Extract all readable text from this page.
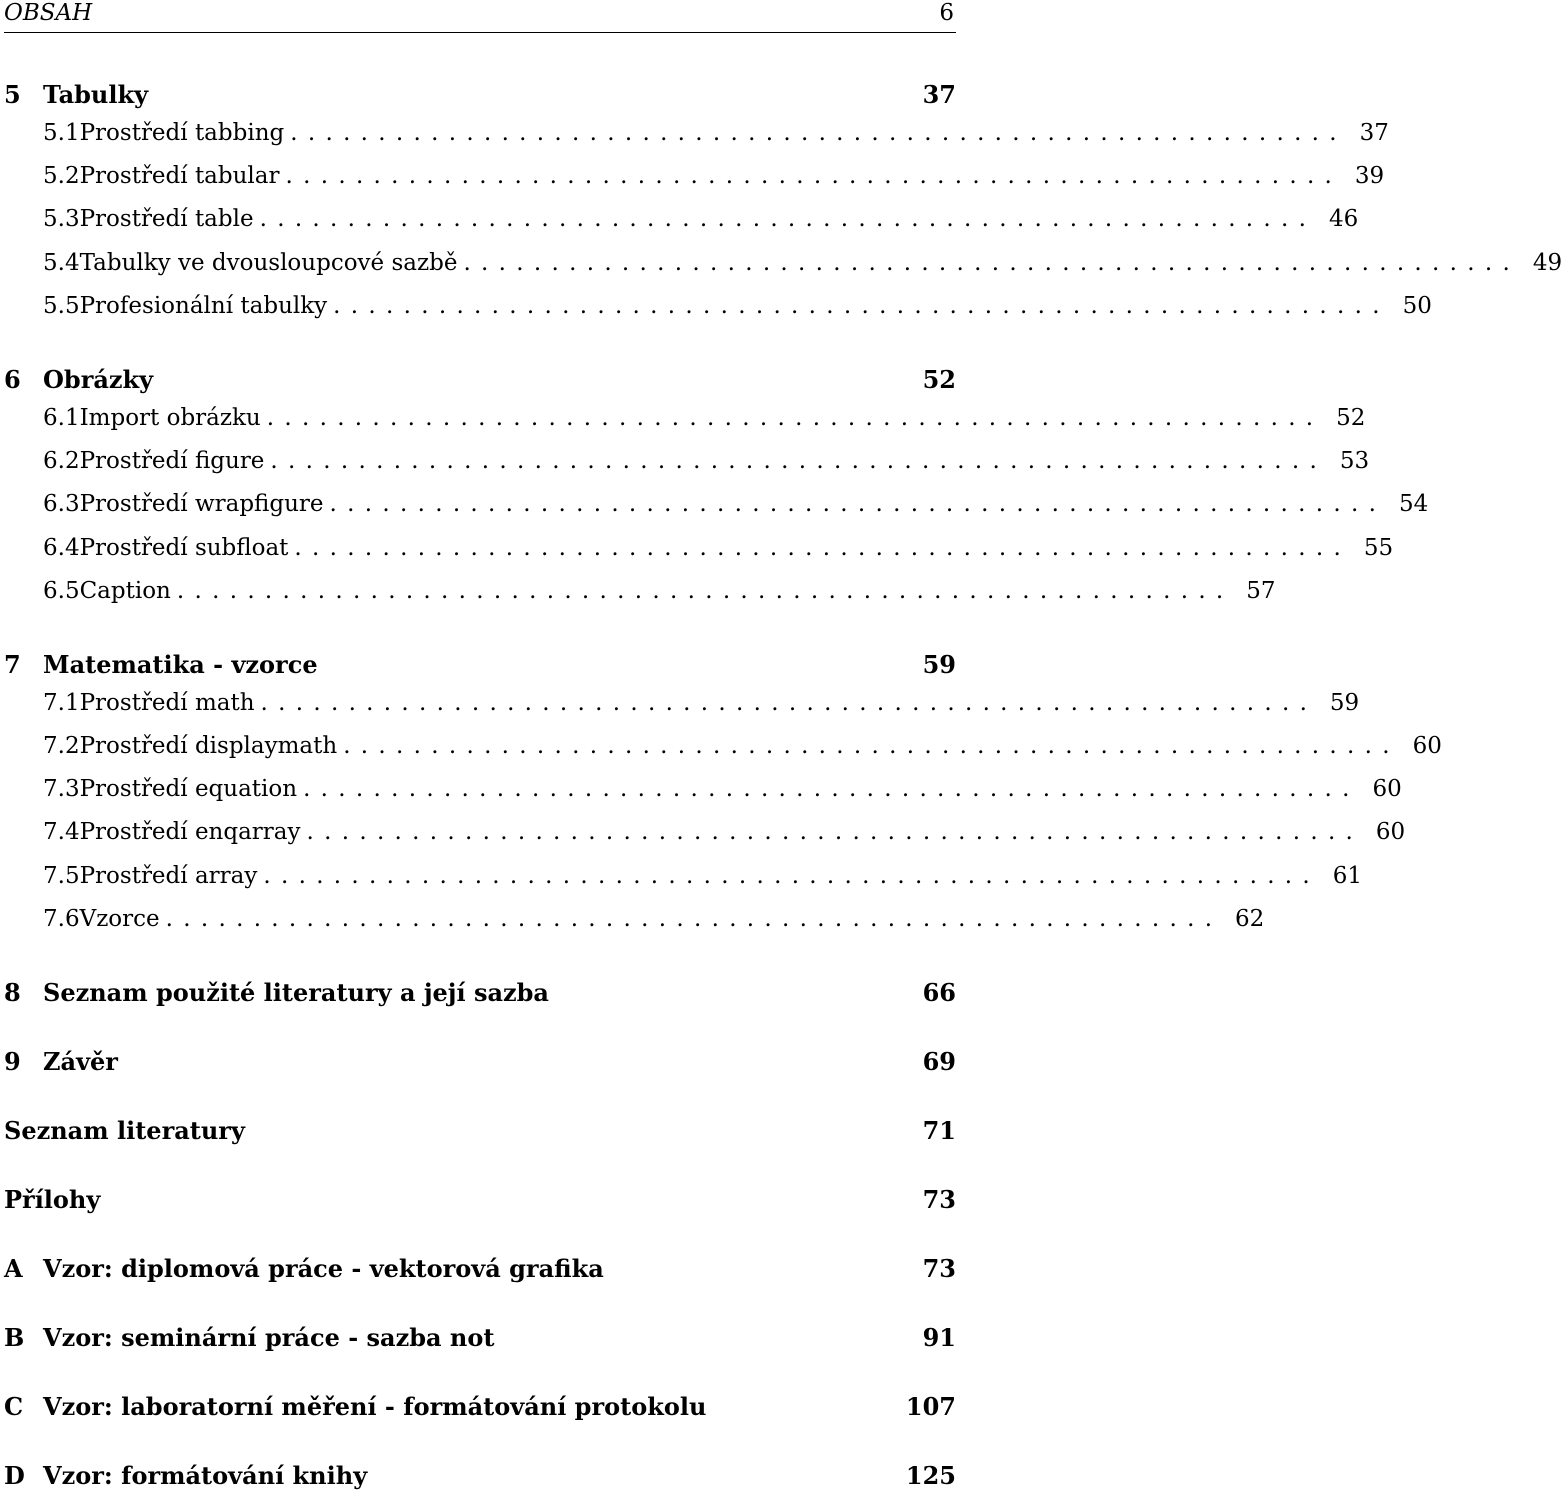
OBSAH	6
5 Tabulky	37
5.1 Prostředí tabbing ............................................................ 37
5.2 Prostředí tabular ............................................................ 39
5.3 Prostředí table ............................................................ 46
5.4 Tabulky ve dvousloupcové sazbě ............................................................ 49
5.5 Profesionální tabulky ............................................................ 50
6 Obrázky	52
6.1 Import obrázku ............................................................ 52
6.2 Prostředí figure ............................................................ 53
6.3 Prostředí wrapfigure ............................................................ 54
6.4 Prostředí subfloat ............................................................ 55
6.5 Caption ............................................................ 57
7 Matematika - vzorce	59
7.1 Prostředí math ............................................................ 59
7.2 Prostředí displaymath ............................................................ 60
7.3 Prostředí equation ............................................................ 60
7.4 Prostředí enqarray ............................................................ 60
7.5 Prostředí array ............................................................ 61
7.6 Vzorce ............................................................ 62
8 Seznam použité literatury a její sazba	66
9 Závěr	69
Seznam literatury	71
Přílohy	73
A Vzor: diplomová práce - vektorová grafika	73
B Vzor: seminární práce - sazba not	91
C Vzor: laboratorní měření - formátování protokolu	107
D Vzor: formátování knihy	125
